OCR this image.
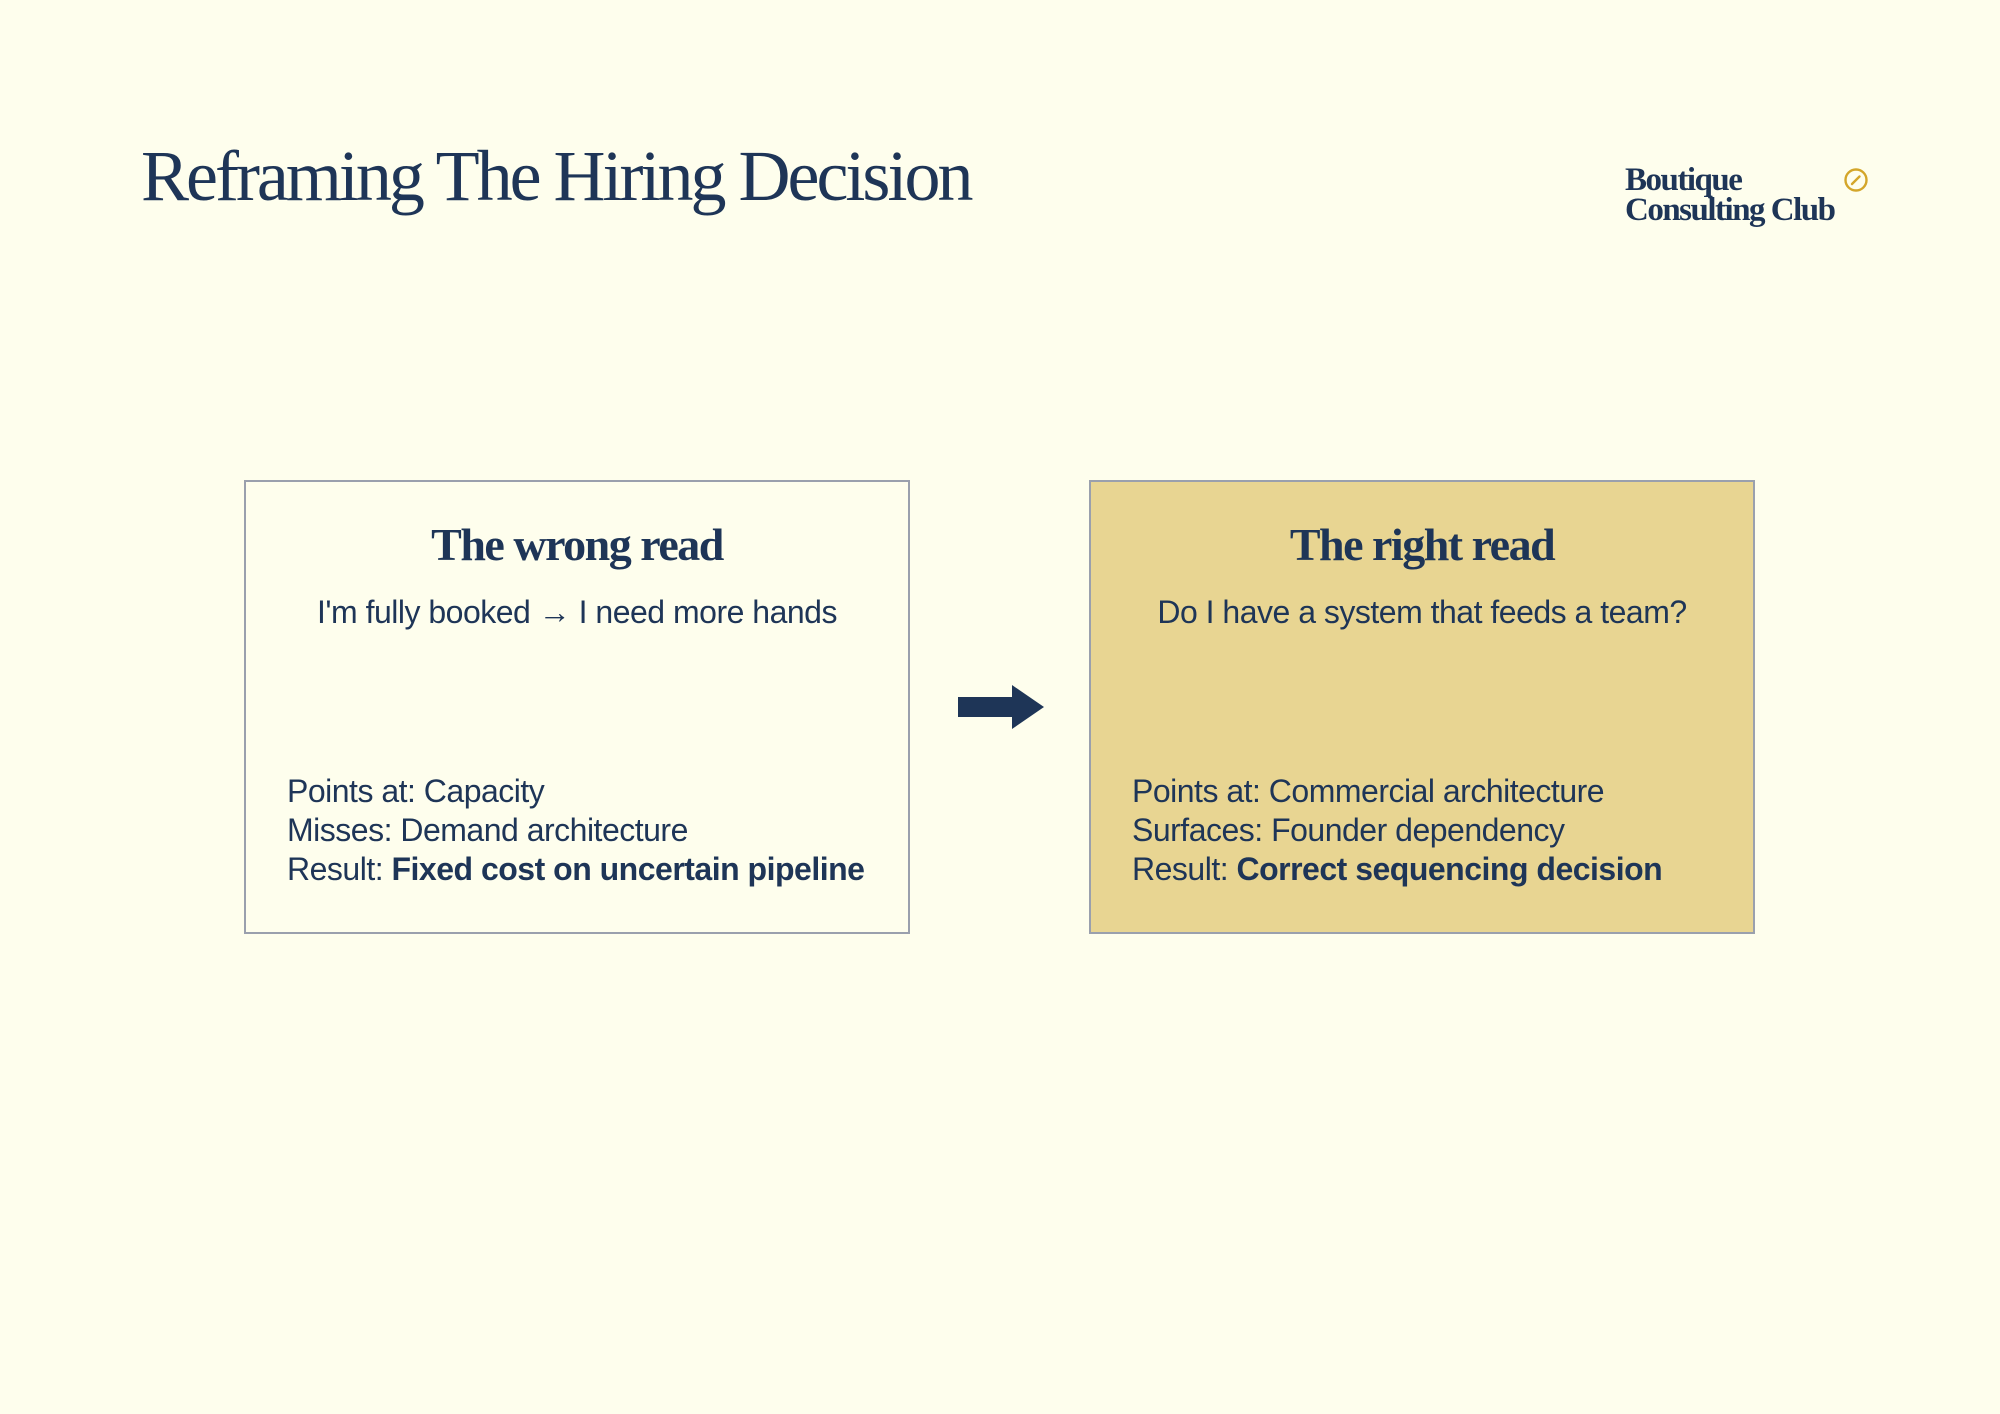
Reframing The Hiring Decision	Boutique
Consulting Club
The wrong read
I'm fully booked → I need more hands
Points at: Capacity
Misses: Demand architecture
Result: Fixed cost on uncertain pipeline
The right read
Do I have a system that feeds a team?
Points at: Commercial architecture
Surfaces: Founder dependency
Result: Correct sequencing decision
